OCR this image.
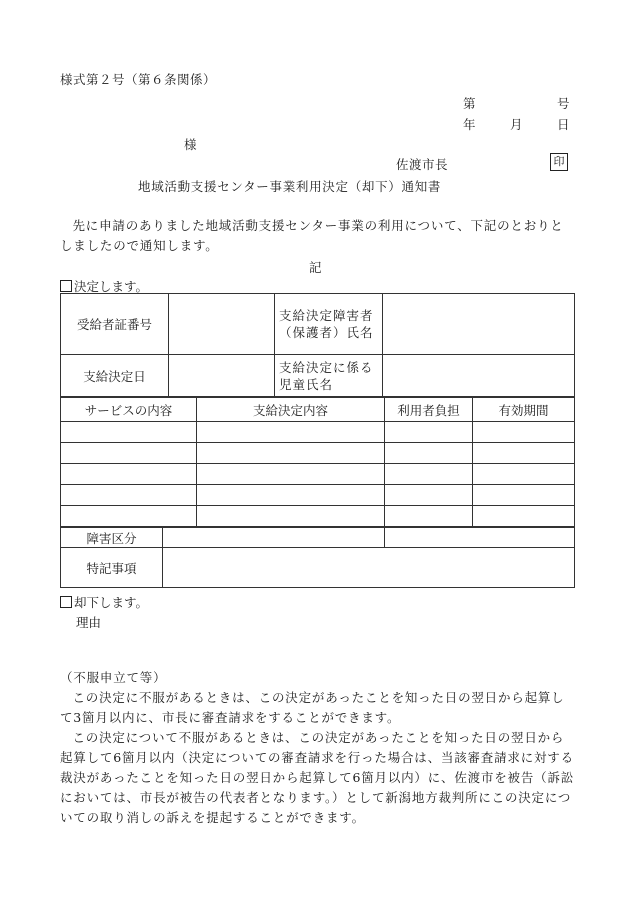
様式第２号（第６条関係）
第	号
年	月	日
様
佐渡市長	印
地域活動支援センター事業利用決定（却下）通知書

先に申請のありました地域活動支援センター事業の利用について、下記のとおりとしましたので通知します。

記
決定します。
受給者証番号		支給決定障害者（保護者）氏名	
支給決定日		支給決定に係る児童氏名	
サービスの内容	支給決定内容	利用者負担	有効期間

障害区分		
特記事項		
却下します。
理由
（不服申立て等）

この決定に不服があるときは、この決定があったことを知った日の翌日から起算して3箇月以内に、市長に審査請求をすることができます。

この決定について不服があるときは、この決定があったことを知った日の翌日から起算して6箇月以内（決定についての審査請求を行った場合は、当該審査請求に対する裁決があったことを知った日の翌日から起算して6箇月以内）に、佐渡市を被告（訴訟においては、市長が被告の代表者となります。）として新潟地方裁判所にこの決定についての取り消しの訴えを提起することができます。
